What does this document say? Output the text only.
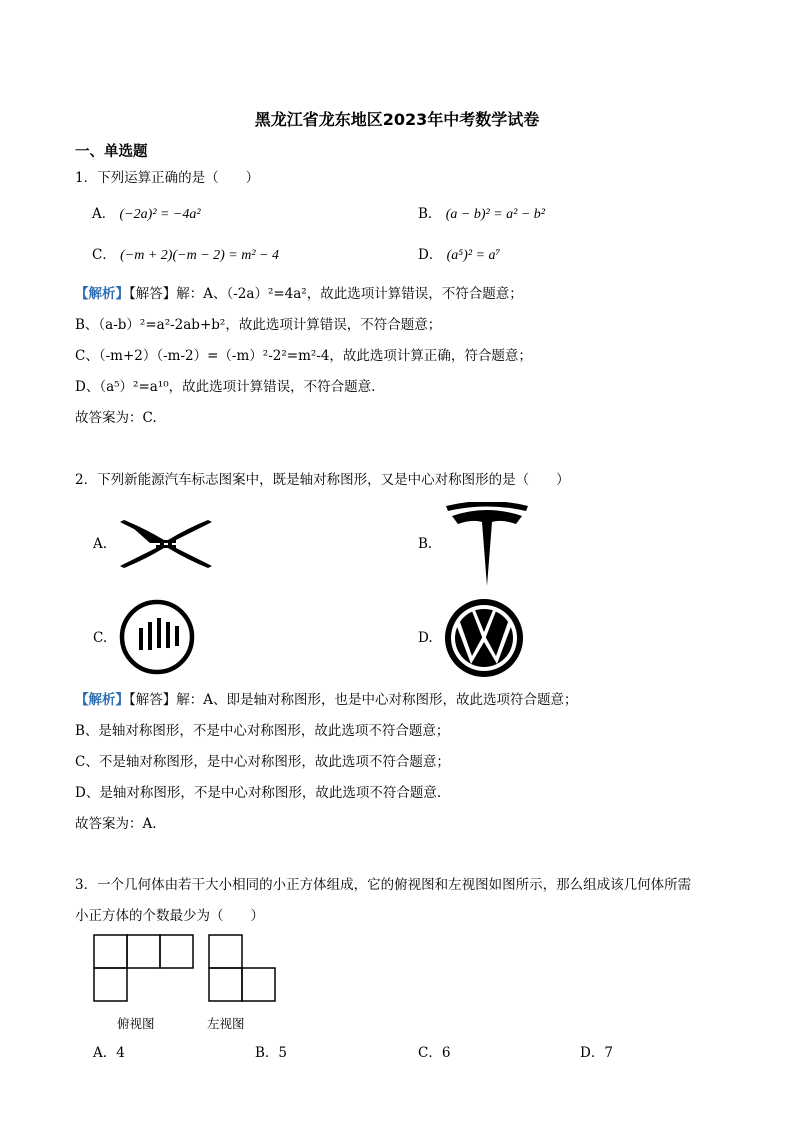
黑龙江省龙东地区2023年中考数学试卷
一、单选题
1．下列运算正确的是（　　）
A． (−2a)² = −4a²	B． (a − b)² = a² − b²
C． (−m + 2)(−m − 2) = m² − 4	D． (a⁵)² = a⁷
【解析】【解答】解：A、（-2a）²=4a²，故此选项计算错误，不符合题意；
B、（a-b）²=a²-2ab+b²，故此选项计算错误，不符合题意；
C、（-m+2）（-m-2）=（-m）²-2²=m²-4，故此选项计算正确，符合题意；
D、（a⁵）²=a¹⁰，故此选项计算错误，不符合题意.
故答案为：C.
2．下列新能源汽车标志图案中，既是轴对称图形，又是中心对称图形的是（　　）
A.	B.
C.	D.
【解析】【解答】解：A、即是轴对称图形，也是中心对称图形，故此选项符合题意；
B、是轴对称图形，不是中心对称图形，故此选项不符合题意；
C、不是轴对称图形，是中心对称图形，故此选项不符合题意；
D、是轴对称图形，不是中心对称图形，故此选项不符合题意.
故答案为：A.
3．一个几何体由若干大小相同的小正方体组成，它的俯视图和左视图如图所示，那么组成该几何体所需
小正方体的个数最少为（　　）
俯视图	左视图
A．4	B．5	C．6	D．7
